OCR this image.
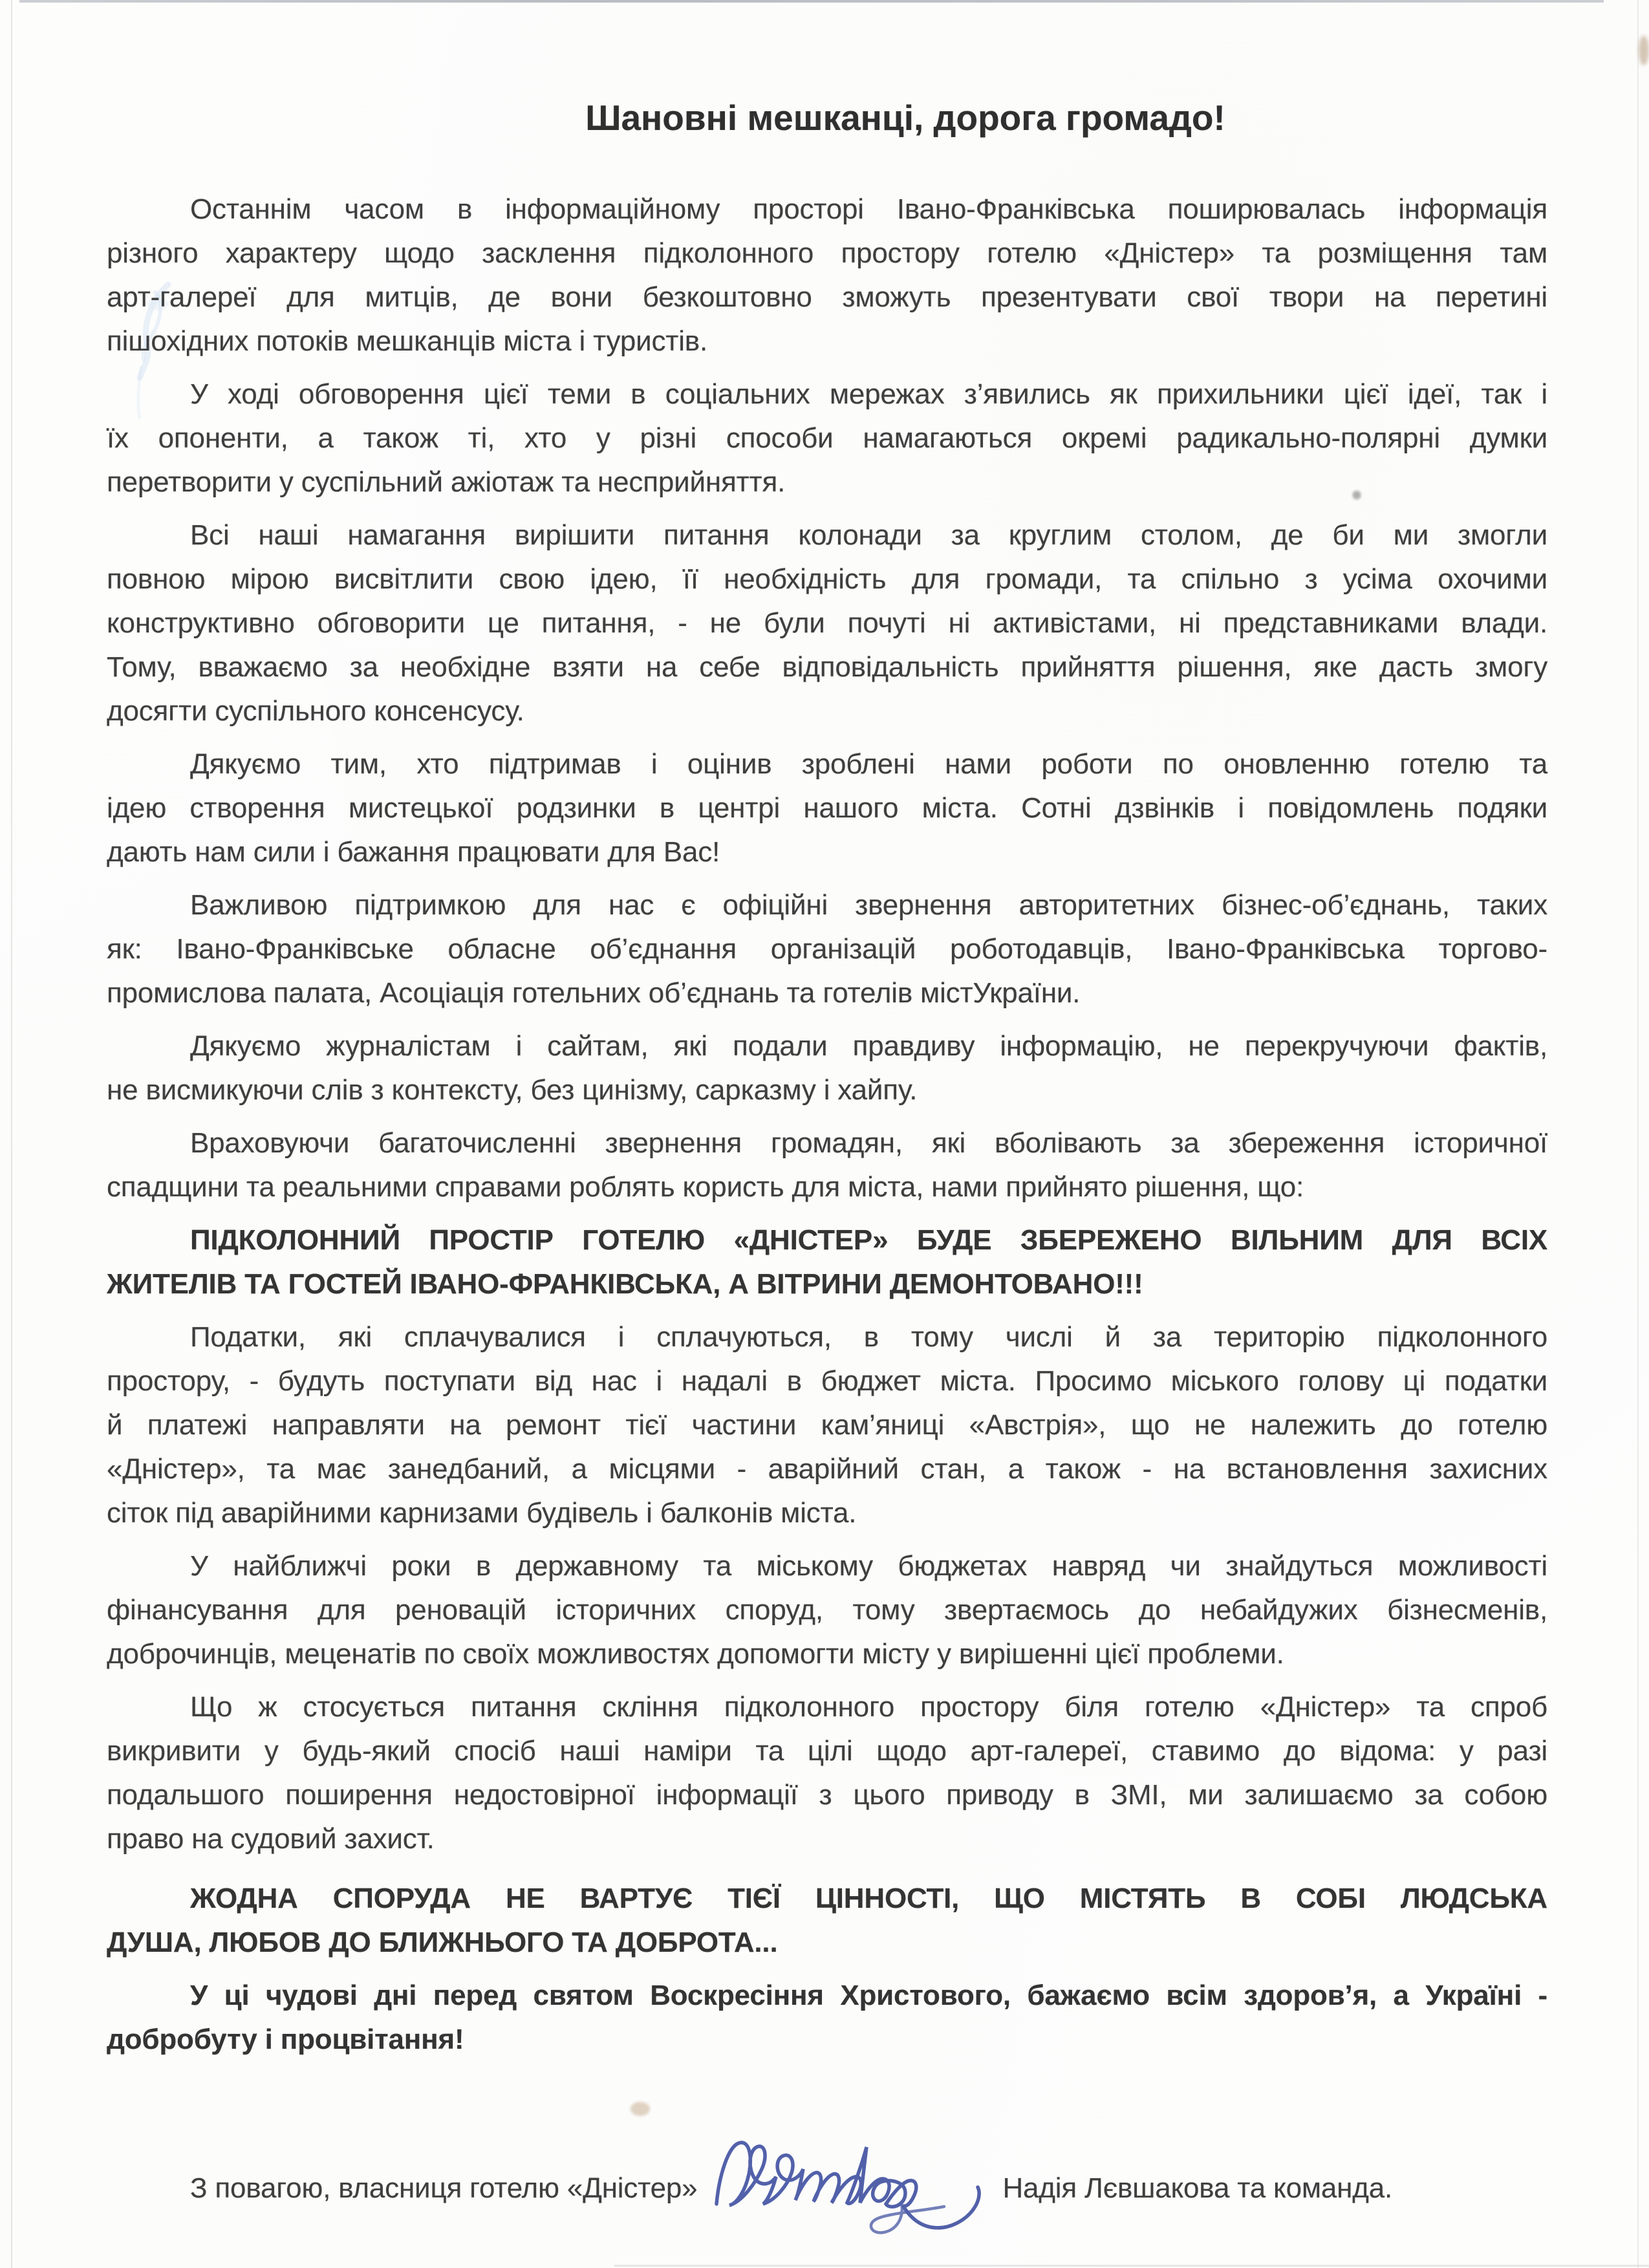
Шановні мешканці, дорога громадо!
Останнім часом в інформаційному просторі Івано-Франківська поширювалась інформація
різного характеру щодо засклення підколонного простору готелю «Дністер» та розміщення там
арт-галереї для митців, де вони безкоштовно зможуть презентувати свої твори на перетині
пішохідних потоків мешканців міста і туристів.
У ході обговорення цієї теми в соціальних мережах з’явились як прихильники цієї ідеї, так і
їх опоненти, а також ті, хто у різні способи намагаються окремі радикально-полярні думки
перетворити у суспільний ажіотаж та несприйняття.
Всі наші намагання вирішити питання колонади за круглим столом, де би ми змогли
повною мірою висвітлити свою ідею, її необхідність для громади, та спільно з усіма охочими
конструктивно обговорити це питання, - не були почуті ні активістами, ні представниками влади.
Тому, вважаємо за необхідне взяти на себе відповідальність прийняття рішення, яке дасть змогу
досягти суспільного консенсусу.
Дякуємо тим, хто підтримав і оцінив зроблені нами роботи по оновленню готелю та
ідею створення мистецької родзинки в центрі нашого міста. Сотні дзвінків і повідомлень подяки
дають нам сили і бажання працювати для Вас!
Важливою підтримкою для нас є офіційні звернення авторитетних бізнес-об’єднань, таких
як: Івано-Франківське обласне об’єднання організацій роботодавців, Івано-Франківська торгово-
промислова палата, Асоціація готельних об’єднань та готелів містУкраїни.
Дякуємо журналістам і сайтам, які подали правдиву інформацію, не перекручуючи фактів,
не висмикуючи слів з контексту, без цинізму, сарказму і хайпу.
Враховуючи багаточисленні звернення громадян, які вболівають за збереження історичної
спадщини та реальними справами роблять користь для міста, нами прийнято рішення, що:
ПІДКОЛОННИЙ ПРОСТІР ГОТЕЛЮ «ДНІСТЕР» БУДЕ ЗБЕРЕЖЕНО ВІЛЬНИМ ДЛЯ ВСІХ
ЖИТЕЛІВ ТА ГОСТЕЙ ІВАНО-ФРАНКІВСЬКА, А ВІТРИНИ ДЕМОНТОВАНО!!!
Податки, які сплачувалися і сплачуються, в тому числі й за територію підколонного
простору, - будуть поступати від нас і надалі в бюджет міста. Просимо міського голову ці податки
й платежі направляти на ремонт тієї частини кам’яниці «Австрія», що не належить до готелю
«Дністер», та має занедбаний, а місцями - аварійний стан, а також - на встановлення захисних
сіток під аварійними карнизами будівель і балконів міста.
У найближчі роки в державному та міському бюджетах навряд чи знайдуться можливості
фінансування для реновацій історичних споруд, тому звертаємось до небайдужих бізнесменів,
доброчинців, меценатів по своїх можливостях допомогти місту у вирішенні цієї проблеми.
Що ж стосується питання скління підколонного простору біля готелю «Дністер» та спроб
викривити у будь-який спосіб наші наміри та цілі щодо арт-галереї, ставимо до відома: у разі
подальшого поширення недостовірної інформації з цього приводу в ЗМІ, ми залишаємо за собою
право на судовий захист.
ЖОДНА СПОРУДА НЕ ВАРТУЄ ТІЄЇ ЦІННОСТІ, ЩО МІСТЯТЬ В СОБІ ЛЮДСЬКА
ДУША, ЛЮБОВ ДО БЛИЖНЬОГО ТА ДОБРОТА...
У ці чудові дні перед святом Воскресіння Христового, бажаємо всім здоров’я, а Україні -
добробуту і процвітання!
З повагою, власниця готелю «Дністер»	Надія Лєвшакова та команда.
